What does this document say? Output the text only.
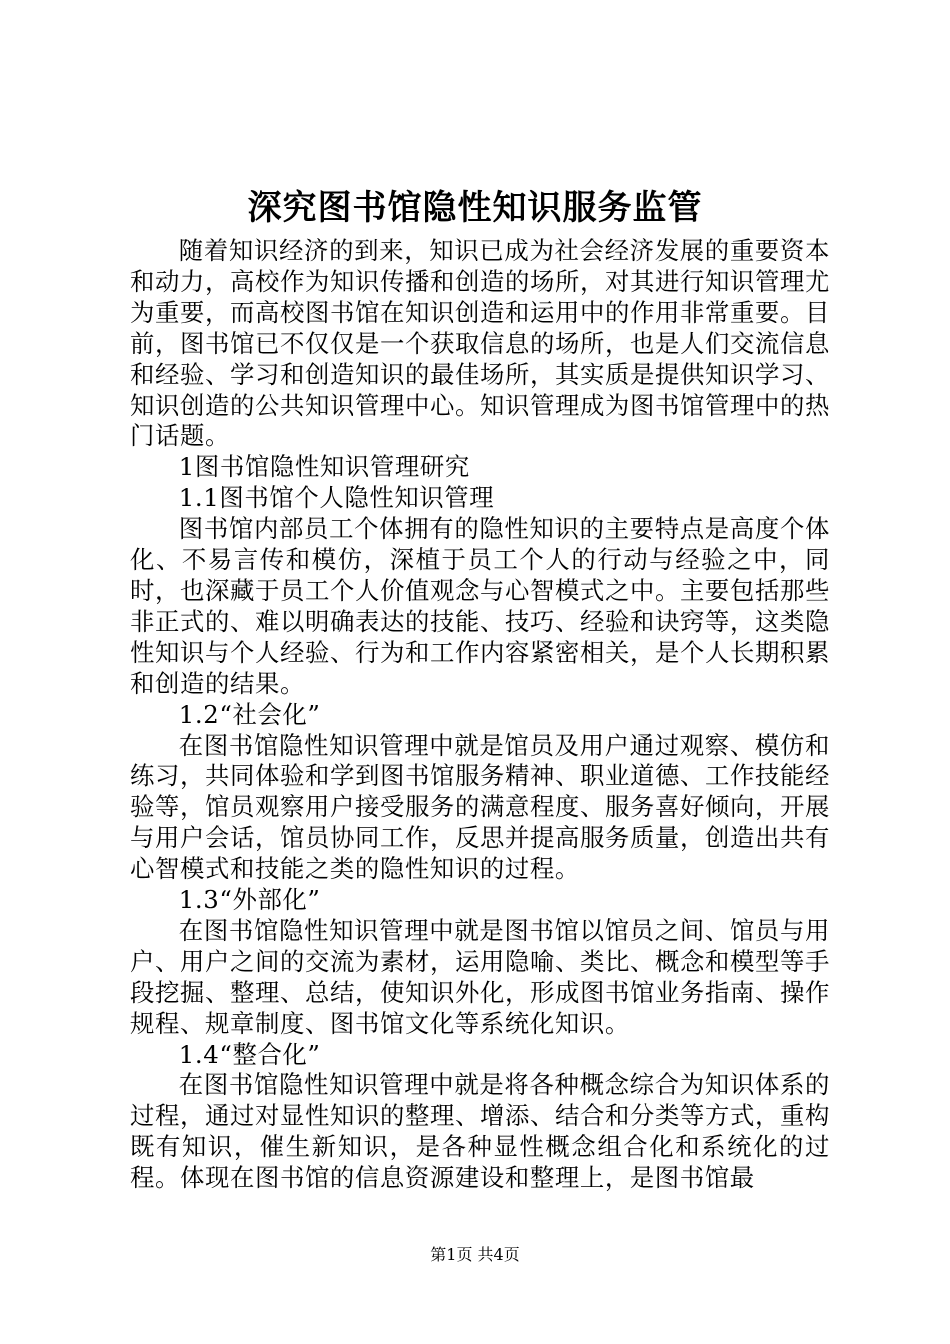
深究图书馆隐性知识服务监管

随着知识经济的到来，知识已成为社会经济发展的重要资本和动力，高校作为知识传播和创造的场所，对其进行知识管理尤为重要，而高校图书馆在知识创造和运用中的作用非常重要。目前，图书馆已不仅仅是一个获取信息的场所，也是人们交流信息和经验、学习和创造知识的最佳场所，其实质是提供知识学习、知识创造的公共知识管理中心。知识管理成为图书馆管理中的热门话题。

1图书馆隐性知识管理研究

1.1图书馆个人隐性知识管理

图书馆内部员工个体拥有的隐性知识的主要特点是高度个体化、不易言传和模仿，深植于员工个人的行动与经验之中，同时，也深藏于员工个人价值观念与心智模式之中。主要包括那些非正式的、难以明确表达的技能、技巧、经验和诀窍等，这类隐性知识与个人经验、行为和工作内容紧密相关，是个人长期积累和创造的结果。

1.2“社会化”

在图书馆隐性知识管理中就是馆员及用户通过观察、模仿和练习，共同体验和学到图书馆服务精神、职业道德、工作技能经验等，馆员观察用户接受服务的满意程度、服务喜好倾向，开展与用户会话，馆员协同工作，反思并提高服务质量，创造出共有心智模式和技能之类的隐性知识的过程。

1.3“外部化”

在图书馆隐性知识管理中就是图书馆以馆员之间、馆员与用户、用户之间的交流为素材，运用隐喻、类比、概念和模型等手段挖掘、整理、总结，使知识外化，形成图书馆业务指南、操作规程、规章制度、图书馆文化等系统化知识。

1.4“整合化”

在图书馆隐性知识管理中就是将各种概念综合为知识体系的过程，通过对显性知识的整理、增添、结合和分类等方式，重构既有知识，催生新知识，是各种显性概念组合化和系统化的过程。体现在图书馆的信息资源建设和整理上，是图书馆最

第1页 共4页
